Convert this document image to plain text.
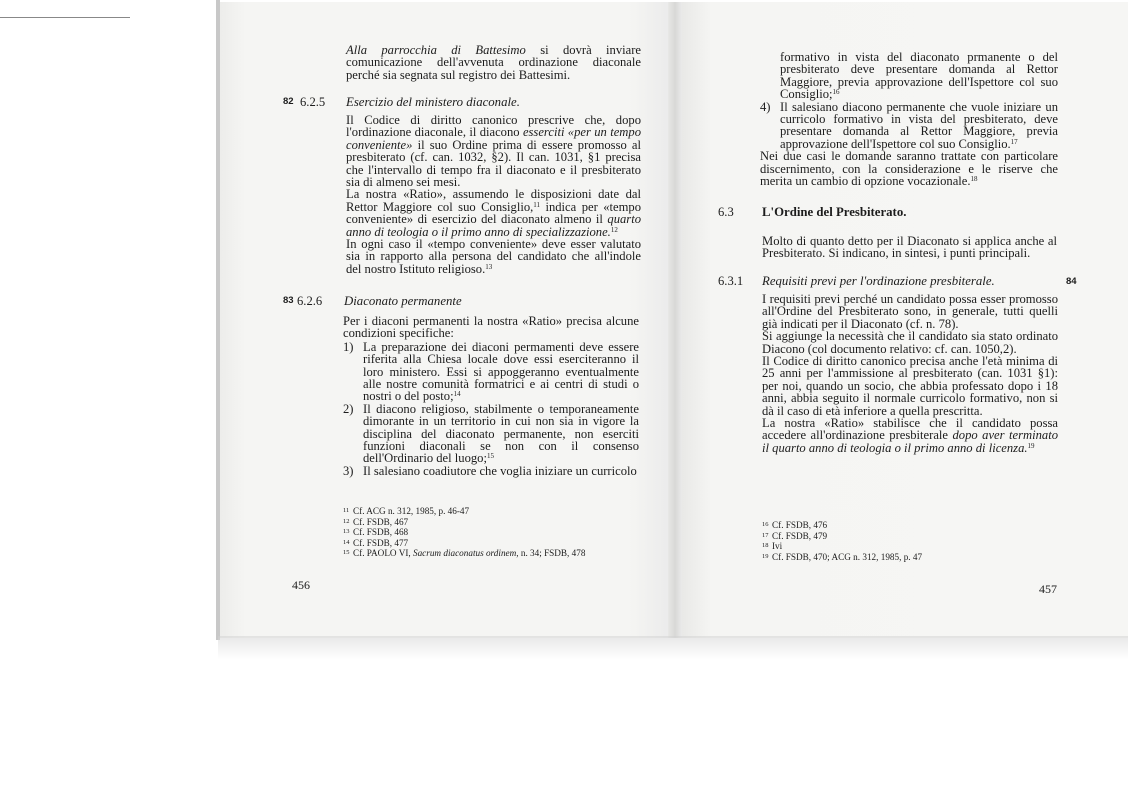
Alla parrocchia di Battesimo si dovrà inviare comunicazione dell'avvenuta ordinazione diaconale perché sia segnata sul registro dei Battesimi.

82 6.2.5 Esercizio del ministero diaconale.

Il Codice di diritto canonico prescrive che, dopo l'ordinazione diaconale, il diacono esserciti «per un tempo conveniente» il suo Ordine prima di essere promosso al presbiterato (cf. can. 1032, §2). Il can. 1031, §1 precisa che l'intervallo di tempo fra il diaconato e il presbiterato sia di almeno sei mesi.

La nostra «Ratio», assumendo le disposizioni date dal Rettor Maggiore col suo Consiglio,$^{11}$ indica per «tempo conveniente» di esercizio del diaconato almeno il quarto anno di teologia o il primo anno di specializzazione.$^{12}$

In ogni caso il «tempo conveniente» deve esser valutato sia in rapporto alla persona del candidato che all'indole del nostro Istituto religioso.$^{13}$

83 6.2.6 Diaconato permanente

Per i diaconi permanenti la nostra «Ratio» precisa alcune condizioni specifiche:

1) La preparazione dei diaconi permamenti deve essere riferita alla Chiesa locale dove essi eserciteranno il loro ministero. Essi si appoggeranno eventualmente alle nostre comunità formatrici e ai centri di studi o nostri o del posto;$^{14}$
2) Il diacono religioso, stabilmente o temporaneamente dimorante in un territorio in cui non sia in vigore la disciplina del diaconato permanente, non eserciti funzioni diaconali se non con il consenso dell'Ordinario del luogo;$^{15}$
3) Il salesiano coadiutore che voglia iniziare un curricolo

11 Cf. ACG n. 312, 1985, p. 46-47

12 Cf. FSDB, 467

13 Cf. FSDB, 468

14 Cf. FSDB, 477

15 Cf. PAOLO VI, Sacrum diaconatus ordinem, n. 34; FSDB, 478

456
formativo in vista del diaconato prmanente o del presbiterato deve presentare domanda al Rettor Maggiore, previa approvazione dell'Ispettore col suo Consiglio;$^{16}$
4) Il salesiano diacono permanente che vuole iniziare un curricolo formativo in vista del presbiterato, deve presentare domanda al Rettor Maggiore, previa approvazione dell'Ispettore col suo Consiglio.$^{17}$

Nei due casi le domande saranno trattate con particolare discernimento, con la considerazione e le riserve che merita un cambio di opzione vocazionale.$^{18}$

6.3 L'Ordine del Presbiterato.

Molto di quanto detto per il Diaconato si applica anche al Presbiterato. Si indicano, in sintesi, i punti principali.

6.3.1 Requisiti previ per l'ordinazione presbiterale.	84

I requisiti previ perché un candidato possa esser promosso all'Ordine del Presbiterato sono, in generale, tutti quelli già indicati per il Diaconato (cf. n. 78).

Si aggiunge la necessità che il candidato sia stato ordinato Diacono (col documento relativo: cf. can. 1050,2).

Il Codice di diritto canonico precisa anche l'età minima di 25 anni per l'ammissione al presbiterato (can. 1031 §1): per noi, quando un socio, che abbia professato dopo i 18 anni, abbia seguito il normale curricolo formativo, non si dà il caso di età inferiore a quella prescritta.

La nostra «Ratio» stabilisce che il candidato possa accedere all'ordinazione presbiterale dopo aver terminato il quarto anno di teologia o il primo anno di licenza.$^{19}$

16 Cf. FSDB, 476

17 Cf. FSDB, 479

18 Ivi

19 Cf. FSDB, 470; ACG n. 312, 1985, p. 47

457
